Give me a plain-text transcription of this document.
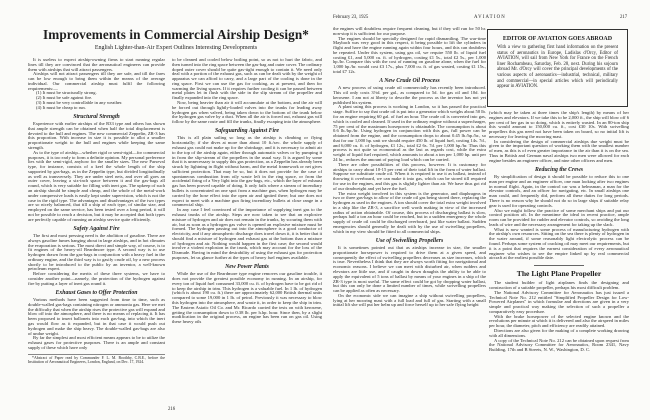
Improvements in Commercial Airship Design*
English Lighter-than-Air Expert Outlines Interesting Developments

It is useless to expect airship-owning firms to start running regular lines till they are convinced that the aeronautical engineers can provide them with airships that will attract passengers.

Airships will not attract passengers till they are safe, and till the fares can be low enough to bring them within the means of the average individual. Our commercial airship must fulfil the following requirements:—

(1) It must be structurally strong.

(2) It must be safe against fire.

(3) It must be very controllable in any weather.

(4) It must be cheap to run.

Structural Strength

Experience with earlier airships of the R33 type and others has shown that ample strength can be obtained when half the total displacement is devoted to the hull and engines. The new commercial Zeppelin, ZR-3 has this proportion. With increase in size it is possible to allot a smaller proportionate weight to the hull and engines while keeping the same strength.

As to the type of airship—whether rigid or semi-rigid—for commercial purposes, it is too early to form a definite opinion. My personal preference lies with the semi-rigid, anyhow for the smaller sizes. The new Parseval type, for instance, consists of a keel the whole length of the ship supported by gas-bags, as in the Zeppelin type, but divided longitudinally as well as transversely. They are under steel nets, and over all goes an outer cover, leaving a six-inch space between it and the gas-bags all round, which is very suitable for filling with inert gas. The upkeep of such an airship should be simple and cheap, and the whole of the metal-work under compressive loads is easily kept under supervision, which is not the case in the rigid type. The advantages and disadvantages of the two types are so nicely balanced, that till a ship of each type, of similar size, and employed on the same service, has been tested over a long period, it will not be possible to reach a decision, but it may be accepted that both types are perfectly capable of running an airship service quite efficiently.

Safety Against Fire

The first and most pressing need is the abolition of gasoline. There are always gasoline fumes hanging about in large airships, and in hot climates the evaporation is serious. The most direct and simple way, of course, is to fit engines of the heavy-oil Beardmore type. A second way is to use hydrogen drawn from the gas-bags in conjunction with a heavy fuel in the ordinary engine, and the third way is to gasify crude oil, by a new process shortly to be introduced to the public by an inventor, a well-known petroleum expert.

Before considering the merits of these three systems, we have to consider another point—namely, the protection of the hydrogen against fire by putting a layer of inert gas round it.

Exhaust Gases to Offer Protection

Various methods have been suggested from time to time, such as double-walled gas-bags containing nitrogen or ammonia gas. Here we met the difficulty that when the airship rises the protective gas will expand and blow off into the atmosphere, and there is no means of replacing it. It has been proposed to insert ballonets into each gas-bag, into which the inert gas would flow as it expanded, but in that case it would push out hydrogen and make the ship heavy. The double-walled gas-bags are also of undue weight.

By far the simplest and most efficient means appears to be to utilize the exhaust gases for protective purposes. There is an ample and constant supply of these which have only

*Abstract of Paper read by Commander F. L. M. Boothby, C.B.E., before the Institution of Aeronautical Engineers, London, England, on Dec. 17, 1924.

to be cleaned and cooled below boiling point, so as not to hurt the fabric, and then turned into the ring space between the gas-bag and outer cover. The ordinary doped outer cover should be quite gas-tight enough to contain it. We need only deal with a portion of the exhaust gas, such as can be dealt with by the weight of apparatus we can afford to carry, and a large part of the cooling is done in the ring space. First we can use the gas for cooking, as at present, and then for warming the living spaces. If it requires further cooling it can be passed between metal plates let in flush with the side in the slip stream of the propeller and finally expanded into the ring space.

Now, being heavier than air it will accumulate at the bottom, and the air will be forced out through lightly-loaded valves into the trunks for leading away hydrogen gas when valved, being taken down to the bottom of the trunk below the hydrogen gas valve by a duct. When all the air is forced out, exhaust gas will follow by the same route and fill the trunks, finally escaping into the atmosphere.

Safeguarding Against Fire

This is all plain sailing so long as the airship is climbing or flying horizontally; if she dives at more than about 10 ft./sec. the whole supply of exhaust gas could not make up for the shrinkage, and it is necessary to admit air to the top of the airship again, either through automatic valves or by pumping it in from the slip-stream of the propellers in the usual way. It is argued by some that it is unnecessary to supply this gas protection, as a Zeppelin has already been struck by lightning in flight without harm, and the metal framework or net gives sufficient protection. That may be so, but it does not provide for the case of spontaneous combustion from oily waste left in the ring space, or from the accidental firing of a Very light into the gas-bags, etc., which the layer of exhaust gas has been proved capable of doing. It only fails where a stream of incendiary bullets is concentrated on one spot from a machine gun, when hydrogen may be carried by the hose effect into the open air and ignited there; but one does not expect to meet with a machine gun firing incendiary bullets at close range in a commercial ship.

In any case I feel convinced of the importance of supplying inert gas to the exhaust trunks of the airship. Steps are now taken to see that an explosive mixture of hydrogen and air does not remain in the trunks, by scouring them with air, but as soon as a hydrogen gas valve is opened an explosive mixture must be formed. The hydrogen passing out into the atmosphere is a good conductor of electricity, and if any atmospheric discharge does travel down it, it is better that it should find a mixture of hydrogen and exhaust gas at the bottom than a mixture of hydrogen and air. Nothing would happen in the first case; the second would involve a violent explosion in the trunk, which may account for the loss of the Dixmude. Having in mind the desirability of using the exhaust gas for protection purposes, let us glance further at the types of heavy fuel engines available.

New Power Plants

While the use of the Beardmore type engine removes our gasoline trouble, it does not provide the greatest possible economy in running. In an airship, for every ton of liquid fuel consumed 33,000 cu. ft. of hydrogen have to be got rid of to keep the airship in trim. This hydrogen is a valuable fuel. In 1 lb. of hydrogen (which is about 190 cu. ft.) there are approximately 62,000 British thermal units compared to some 19,000 in 1 lb. of petrol. Previously it was necessary to blow this hydrogen into the atmosphere, and waste it, in order to keep the ship in trim. The Eastern Asiatic Oil Co. and Mr. Ricardo carried the tests on with kerosene, getting the consumption down to 0.38 lb. per h.hp. hour. Since then, by a slight modification in the original process, an engine has been run on gas oil. Using these heavy oils

216
February 23, 1925	AVIATION	217
EDITOR OF AVIATION GOES ABROAD
With a view to gathering first hand information on the present status of aeronautics in Europe, Ladislas d'Orcy, Editor of AVIATION, will sail from New York for France on the French liner Rochambeau, Saturday, Feb. 28, next. During his sojourn abroad Mr. d'Orcy will cover the principal developments of the various aspects of aeronautics—industrial, technical, military and commercial—in special articles which will periodically appear in AVIATION.

the engines will doubtless require frequent cleaning, but if they will run for 50 hr. non-stop it is sufficient for our purpose.

The engines should be specially designed for rapid dismantling. The war-time Maybach was very good in this respect, it being possible to lift the cylinders in flight and have the engine running again within four hours, and this can doubtless be repeated. Under this system, using gas oil, we require 550 lb. of liquid fuel costing £1, and 5,000 cu. ft. of hydrogen, costing £1 5s., total £2 5s., per 1,000 hp./hr. Compare this with the cost of running on gasoline alone, when the fuel for 1,000 hp./hr. would cost £3 17s., plus 7,000 cu. ft. of gas wasted, costing £1 15s., total £7 12s.

A New Crude Oil Process

A new process of using crude oil commercially has recently been introduced. This oil only costs 3½d. per gal., as compared to 5d. for gas oil and 10d. for kerosene. I am not at liberty to describe the process as the inventor has not yet published his system.

A plant using this process is working in London, so it has passed the practical stage. Suffice to say that crude oil is put into a generator which weighs about 50 lb. for an engine requiring 60 gal. of fuel an hour. The crude oil is converted into gas, which is cooled and cleaned. If used in the ordinary engine without a supercharger, 75 per cent of the maximum horsepower is obtainable. The consumption is about 0.6 lb./hp./hr. Using hydrogen in conjunction with this gas, full power can be obtained from the engine, and the consumption drops to about 0.45 lb./hp./hr., so that for our 1,000 hp. unit we should require 450 lb. of liquid fuel, costing 14s. 7d., and 6,000 cu. ft. of hydrogen, £1 12s., total £2 6s. 7d. per 1,000 hp./hr. Thus this process is not quite so economical as the last as regards cost, while the extra weight of liquid fuel required, which amounts to about a ton per 1,000 hp. unit per 24 hr., reduces the amount of paying load which can be carried.

There are other possibilities of this process, however. It is customary for airships to carry about 10-15 per cent of their total lift in the form of water ballast. Suppose we substitute crude oil. When it is required to use it as ballast, instead of throwing it overboard, we can make it into gas, which can be stored till required for use in the engines, and this gas is slightly lighter than air. We have thus got rid of our deadweight and yet have the fuel.

The extra weight involved in this system is the generator, and diaphragms in two or three gas-bags to allow of the crude oil gas being stored there, replacing the hydrogen as used in the engines. A ton should cover the total extra weight involved in a ship like the ZR-3, a sacrifice well worth making in view of the increased radius of action obtainable. Of course, this process of discharging ballast is slow, perhaps half a ton an hour could be reached, but in a sudden emergency the whole supply of crude oil could be discharged overboard, just like water ballast. Sudden emergencies should generally be dealt with by the use of swivelling propellers, which in my view should be fitted to all commercial ships.

Use of Swivelling Propellers

It is sometimes pointed out that as airships increase in size, the smaller proportionate horsepower is required to drive them at a given speed, and consequently the effect of swivelling propellers decreases as size increases, which is true. Nevertheless I think that they are always worth fitting for navigational and economic reasons. I believe we can meet with disturbed air, when rudders and elevators are little use, and if caught in down draughts the ability to be able to apply the equivalent of 5 tons of ballast by means of your engines in a ship of the ZR-3 type is most useful. The same effect could be got by dropping water ballast, but this can only be done a limited number of times, while swivelling propellers can be applied as often as necessary.

On the economic side we can imagine a ship without swivelling propellers, lying at her mooring mast with a full load and full of gas. Starting with a small initial lift she will put her helm up and force herself up to her safe flying height

(which may be taken at three times the ship's length) by means of her engines and elevators. If we take this to be 2,000 ft., the ship will blow off 6 per cent of her gas in so doing, which is entirely wasted. In an 80-ton ship this would amount to 150,000 cu. ft., cost £30 10s. With swivelling propellers this gas need not have been taken on board, so no initial lift is necessary for leaving the mooring mast.

In considering the design of commercial airships due weight must be given to the important question of working them with the smallest number of men, as this is of even greater importance in the air than it is on the sea. Thus in British and German naval airships two men were allowed for each engine besides an engineer officer, and nine other officers and men.

Reducing the Crews

By simplification of design it should be possible to reduce this to one man per engine and an engineer officer, one man looking after two engines in normal flight. Again, in the control car was a helmsman, a man for the elevator controls, and an officer for navigating, etc. In small airships one man could, and frequently did, perform all these duties for long periods. There is no reason why he should not do so in large ships if suitable relay gear is used for operating controls.

Also we might follow the practice of some merchant ships and put our control position aft. In the meantime the ideal in recent practice, ample room can be provided for rudder and elevator controls, so avoiding the long leads of wire and the necessary arrangement for taking up the slack.

What is now wanted is some process of manufacturing hydrogen with the airship's own resources. Sitting on the sea there is plenty of hydrogen in the water around, if some reasonably light electrolytic process can be found. Perhaps some system of cracking oil may meet our requirements, but it is a point that requires the earnest consideration of every aeronautical engineer who wishes to see the empire linked up by real commercial aircraft at the earliest possible date.

The Light Plane Propeller

The student builder of light airplanes finds the designing and construction of a suitable propeller, perhaps his most difficult problem.

The National Advisory Committee for Aeronautics has just issued a Technical Note No. 212 entitled "Simplified Propeller Design for Low-Powered Airplanes" in which formulae and directions are given in a very simple and practical way making the selection of such a propeller a comparatively easy procedure.

With the brake horsepower of the selected engine known and the revolutions per minute at which it is delivered and also the airspeed in miles per hour, the diameter, pitch and efficiency are readily attained.

Directions are also given for the making of a complete working drawing with all dimensions.

A copy of the Technical Note No. 212 can be obtained upon request from the National Advisory Committee for Aeronautics, Room 2341, Navy Building, 17th and B Streets, N. W., Washington, D. C.
